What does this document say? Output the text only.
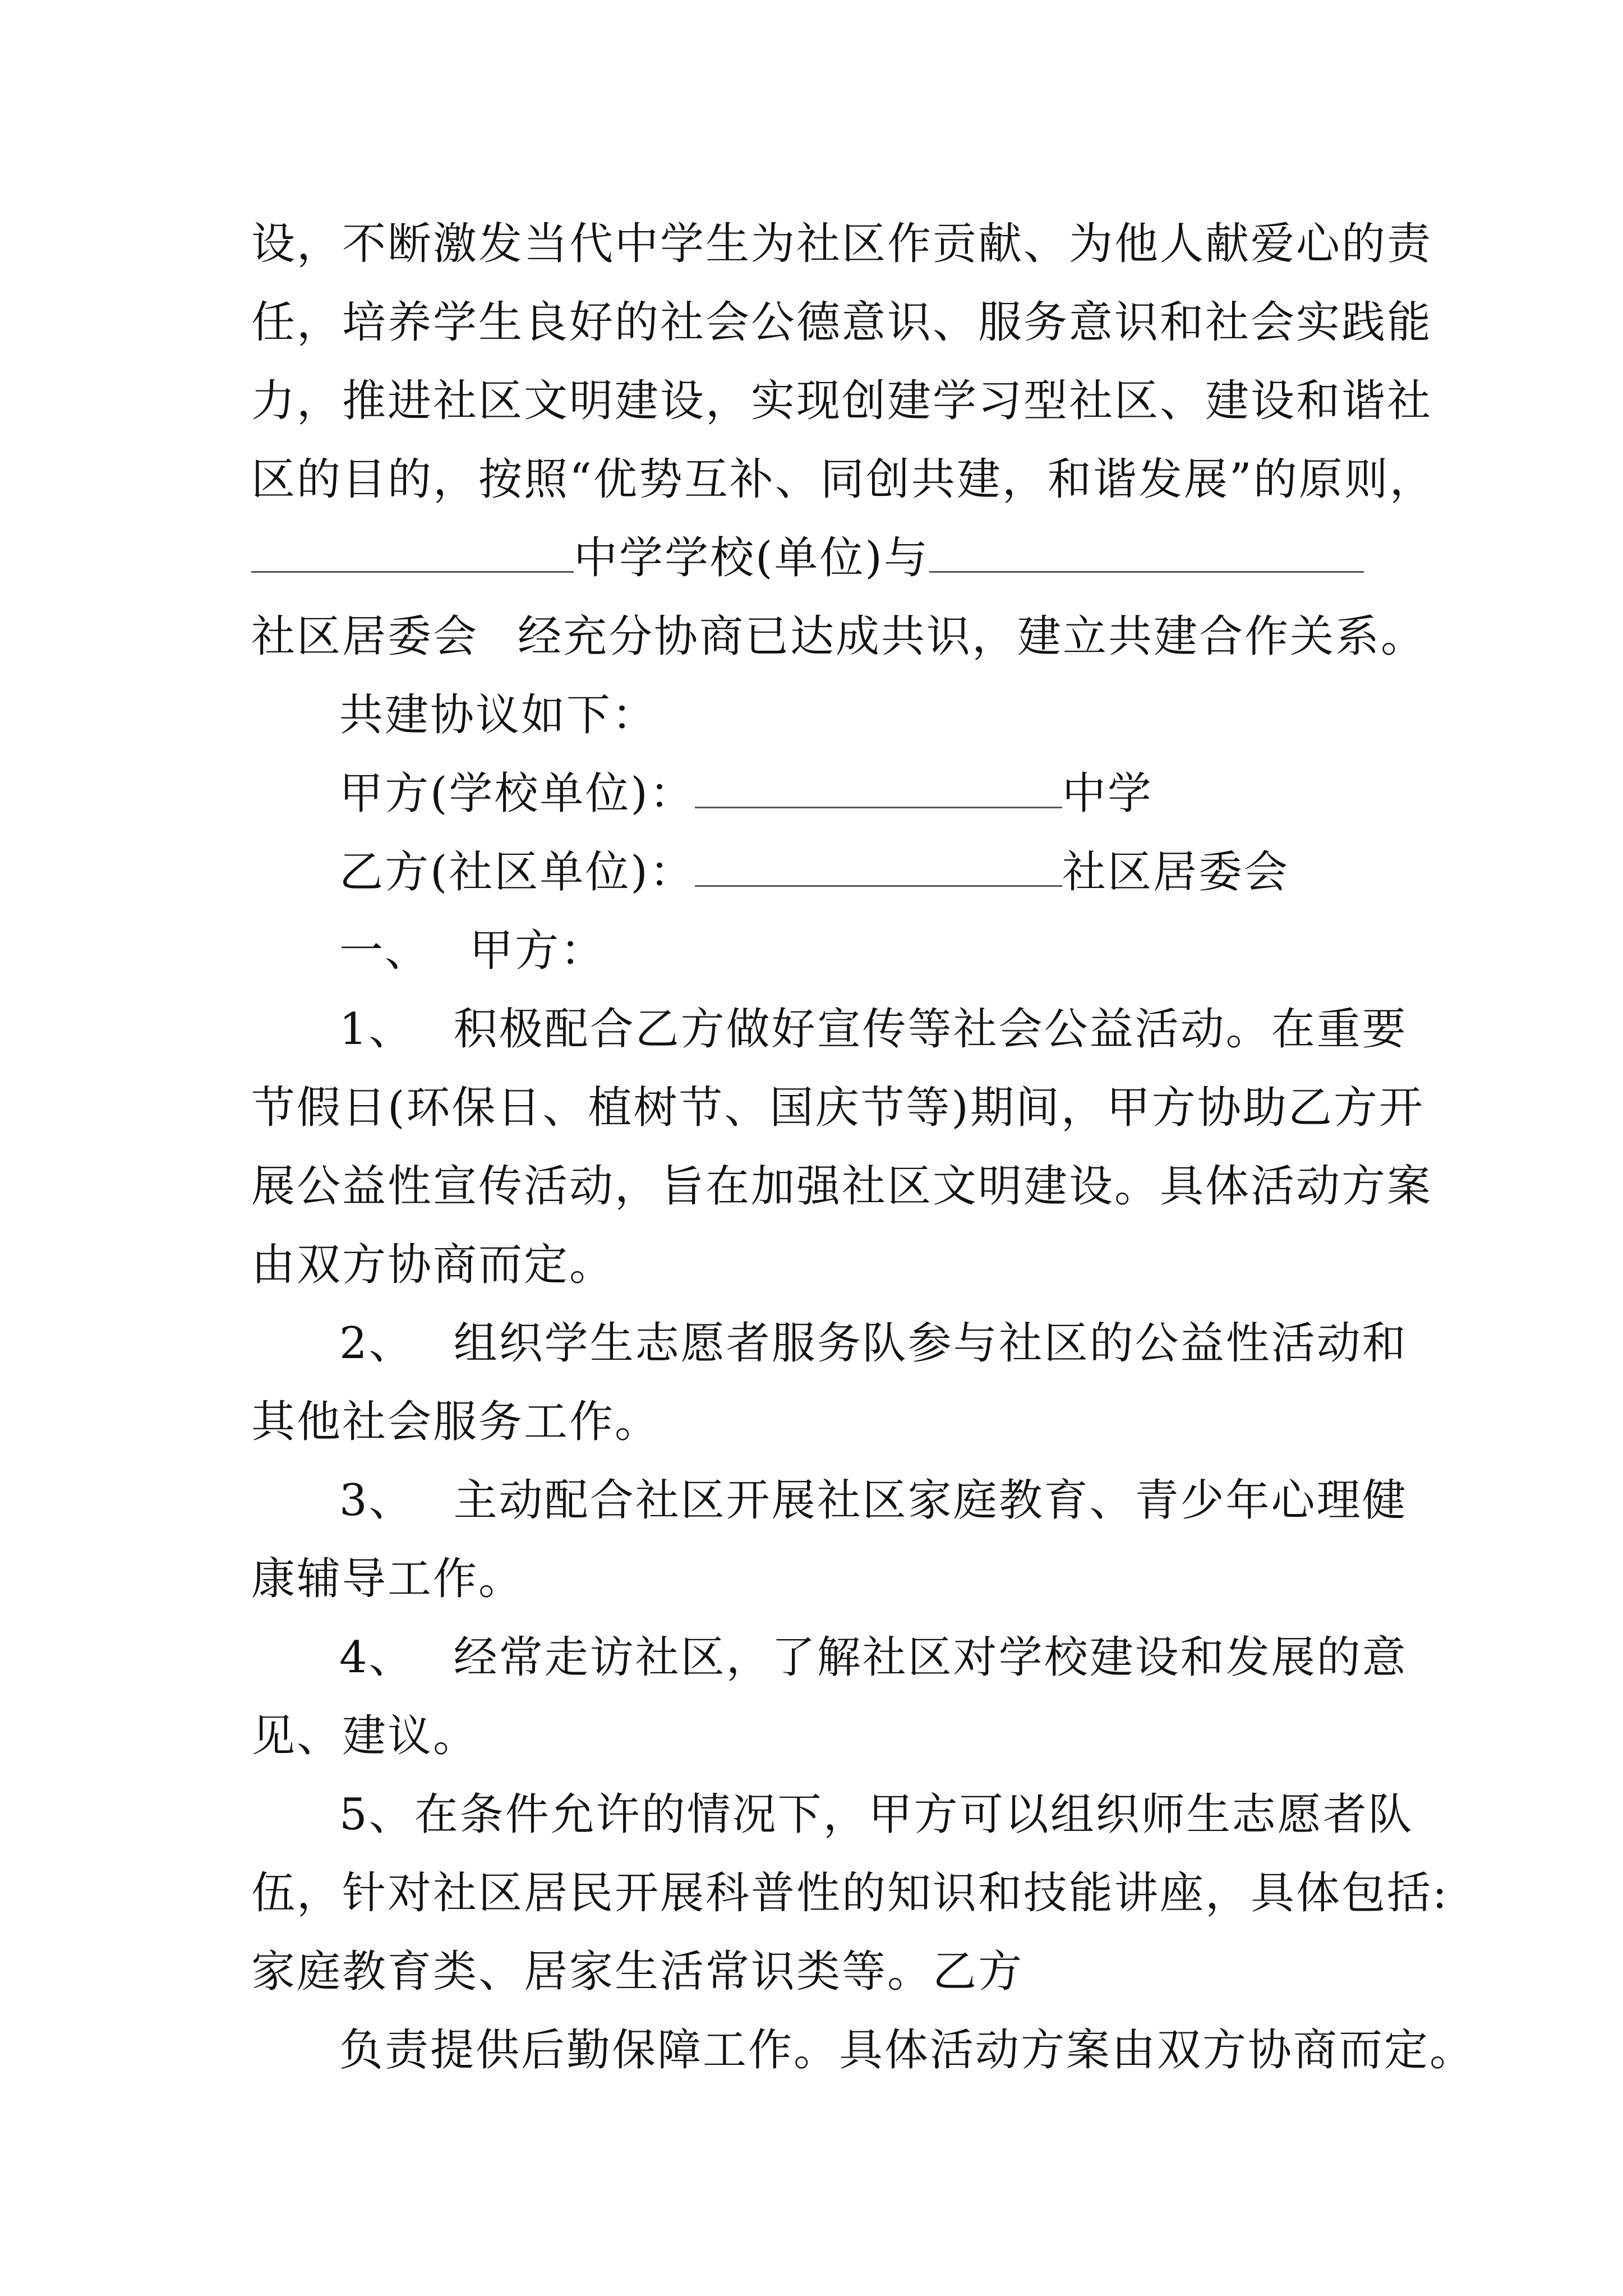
设，不断激发当代中学生为社区作贡献、为他人献爱心的责
任，培养学生良好的社会公德意识、服务意识和社会实践能
力，推进社区文明建设，实现创建学习型社区、建设和谐社
区的目的，按照“优势互补、同创共建，和谐发展”的原则，
中学学校(单位)与
社区居委会 经充分协商已达成共识，建立共建合作关系。
共建协议如下：
甲方(学校单位)：	中学
乙方(社区单位)：	社区居委会
一、 甲方：
1、 积极配合乙方做好宣传等社会公益活动。在重要
节假日(环保日、植树节、国庆节等)期间，甲方协助乙方开
展公益性宣传活动，旨在加强社区文明建设。具体活动方案
由双方协商而定。
2、 组织学生志愿者服务队参与社区的公益性活动和
其他社会服务工作。
3、 主动配合社区开展社区家庭教育、青少年心理健
康辅导工作。
4、 经常走访社区，了解社区对学校建设和发展的意
见、建议。
5、在条件允许的情况下，甲方可以组织师生志愿者队
伍，针对社区居民开展科普性的知识和技能讲座，具体包括:
家庭教育类、居家生活常识类等。乙方
负责提供后勤保障工作。具体活动方案由双方协商而定。
